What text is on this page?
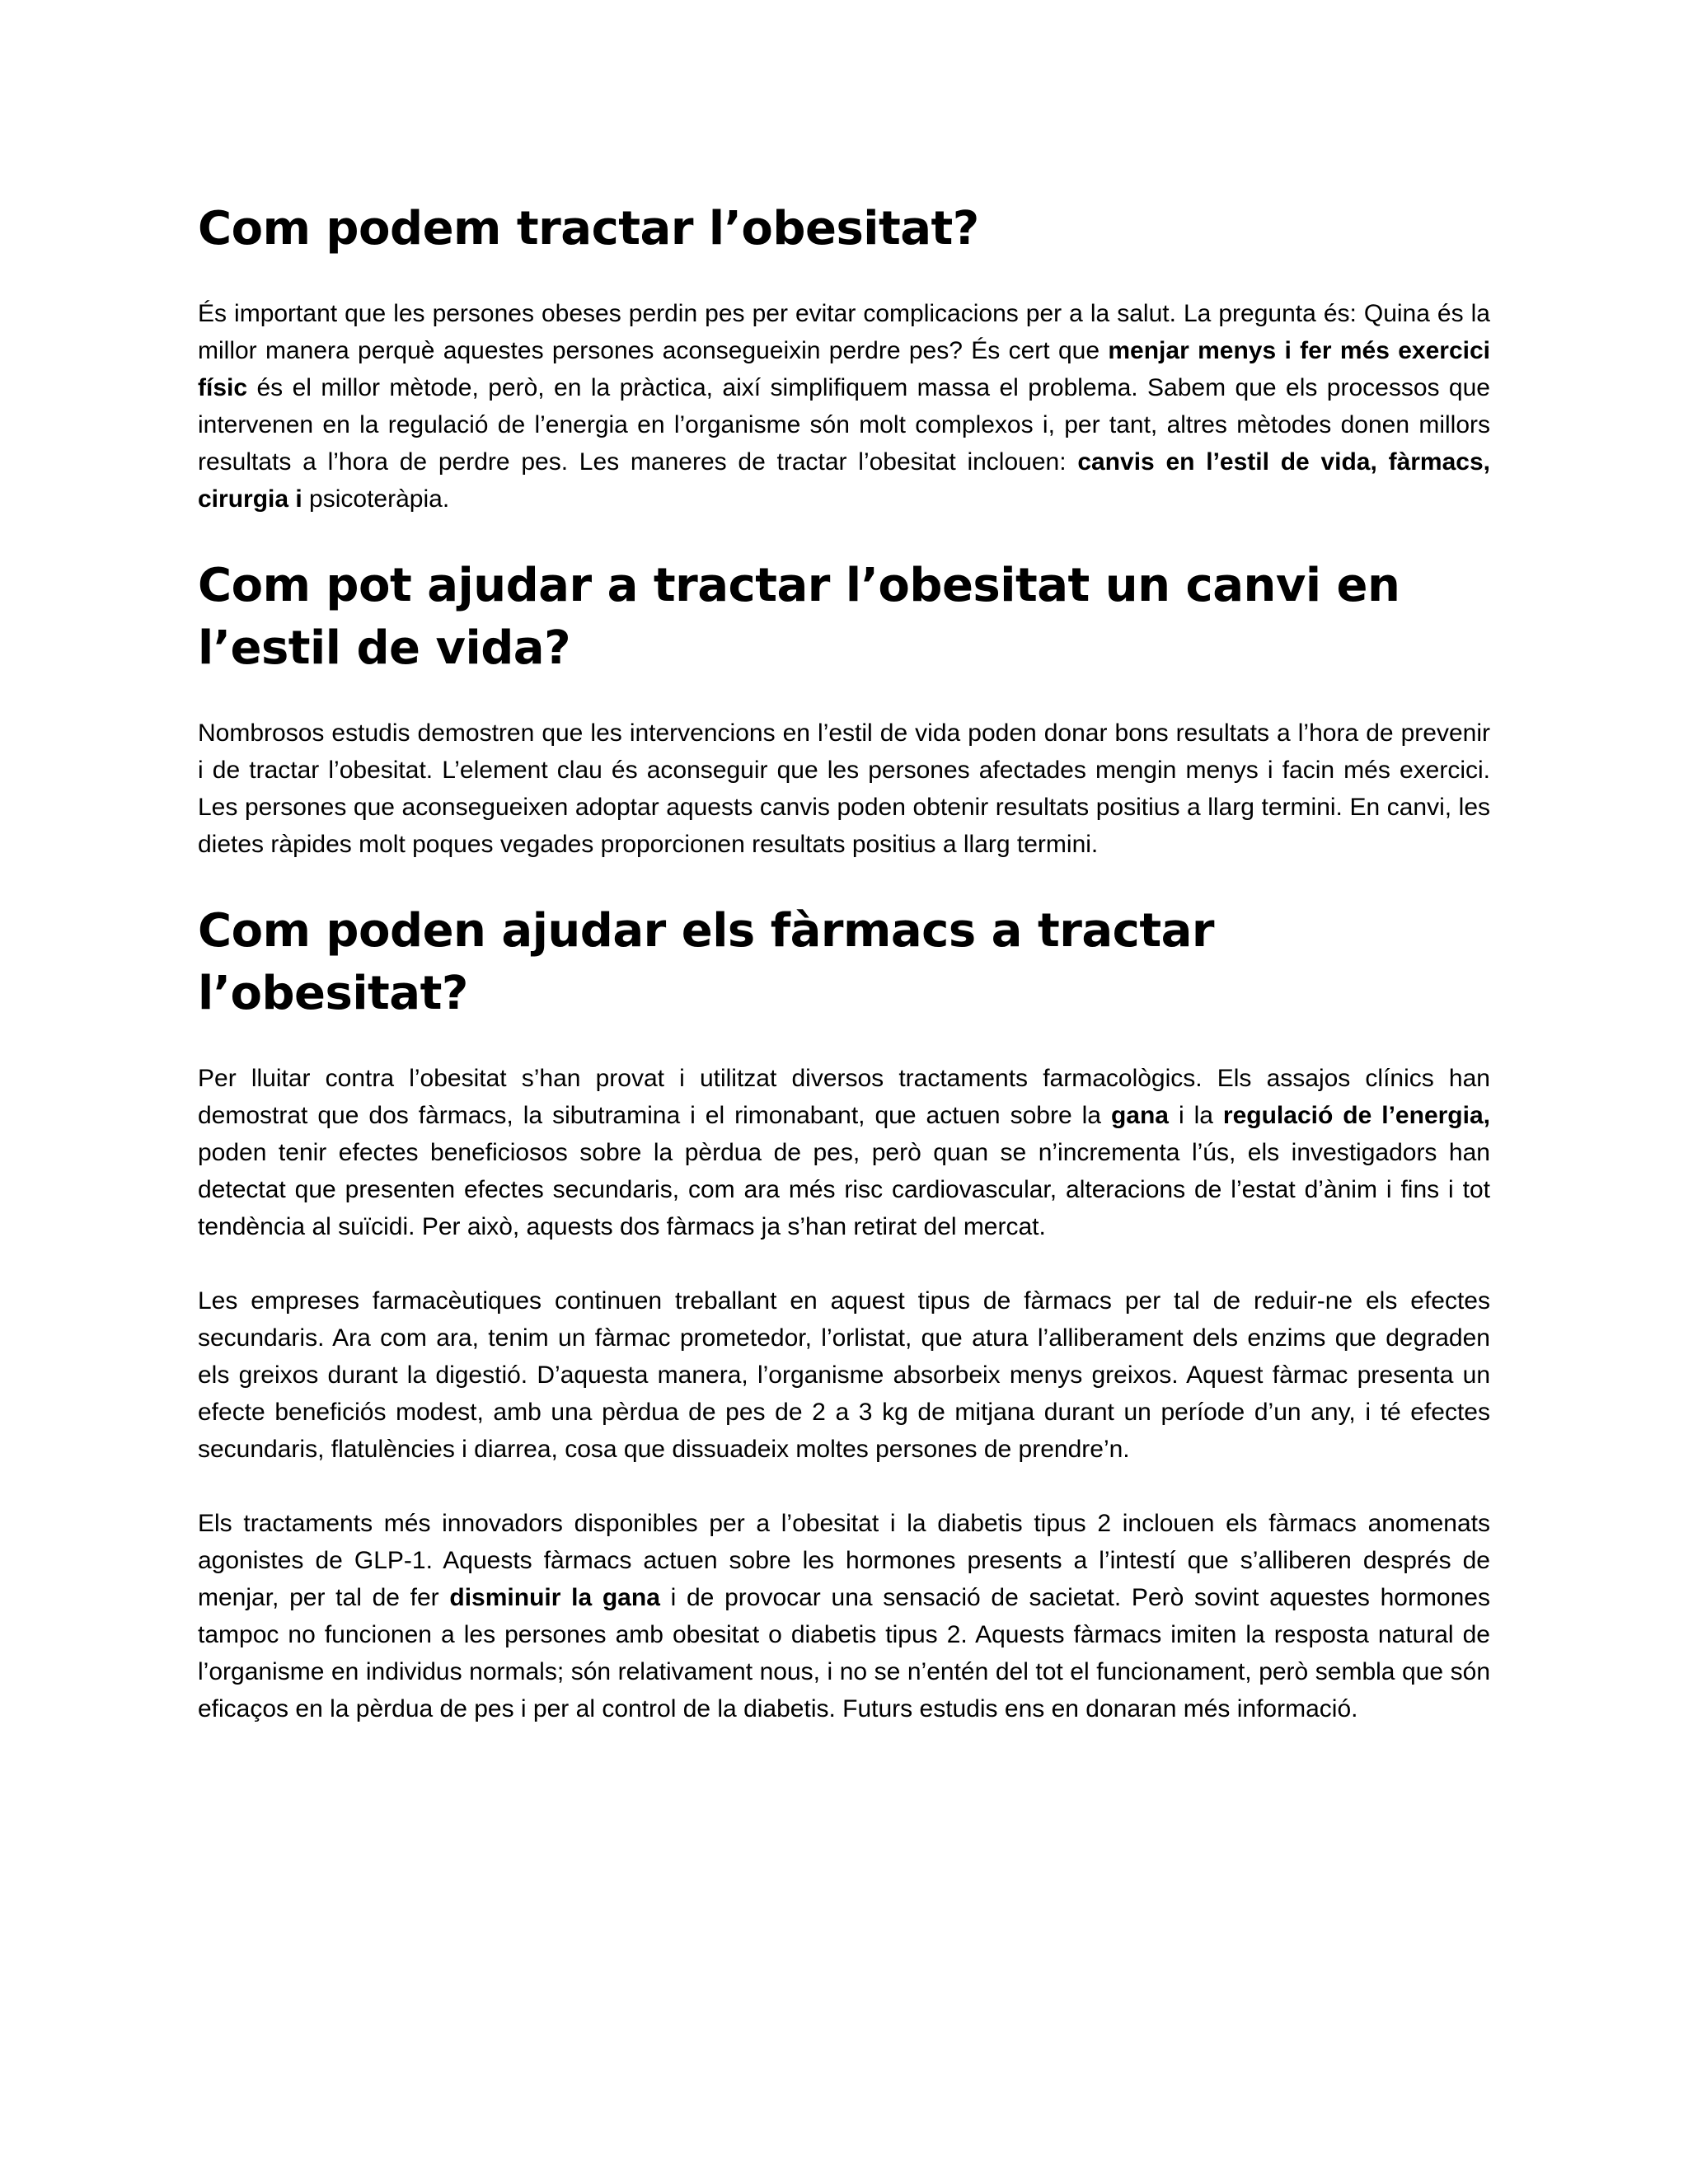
Com podem tractar l’obesitat?

És important que les persones obeses perdin pes per evitar complicacions per a la salut. La pregunta és: Quina és la millor manera perquè aquestes persones aconsegueixin perdre pes? És cert que menjar menys i fer més exercici físic és el millor mètode, però, en la pràctica, així simplifiquem massa el problema. Sabem que els processos que intervenen en la regulació de l’energia en l’organisme són molt complexos i, per tant, altres mètodes donen millors resultats a l’hora de perdre pes. Les maneres de tractar l’obesitat inclouen: canvis en l’estil de vida, fàrmacs, cirurgia i psicoteràpia.

Com pot ajudar a tractar l’obesitat un canvi en l’estil de vida?

Nombrosos estudis demostren que les intervencions en l’estil de vida poden donar bons resultats a l’hora de prevenir i de tractar l’obesitat. L’element clau és aconseguir que les persones afectades mengin menys i facin més exercici. Les persones que aconsegueixen adoptar aquests canvis poden obtenir resultats positius a llarg termini. En canvi, les dietes ràpides molt poques vegades proporcionen resultats positius a llarg termini.

Com poden ajudar els fàrmacs a tractar l’obesitat?

Per lluitar contra l’obesitat s’han provat i utilitzat diversos tractaments farmacològics. Els assajos clínics han demostrat que dos fàrmacs, la sibutramina i el rimonabant, que actuen sobre la gana i la regulació de l’energia, poden tenir efectes beneficiosos sobre la pèrdua de pes, però quan se n’incrementa l’ús, els investigadors han detectat que presenten efectes secundaris, com ara més risc cardiovascular, alteracions de l’estat d’ànim i fins i tot tendència al suïcidi. Per això, aquests dos fàrmacs ja s’han retirat del mercat.

Les empreses farmacèutiques continuen treballant en aquest tipus de fàrmacs per tal de reduir-ne els efectes secundaris. Ara com ara, tenim un fàrmac prometedor, l’orlistat, que atura l’alliberament dels enzims que degraden els greixos durant la digestió. D’aquesta manera, l’organisme absorbeix menys greixos. Aquest fàrmac presenta un efecte beneficiós modest, amb una pèrdua de pes de 2 a 3 kg de mitjana durant un període d’un any, i té efectes secundaris, flatulències i diarrea, cosa que dissuadeix moltes persones de prendre’n.

Els tractaments més innovadors disponibles per a l’obesitat i la diabetis tipus 2 inclouen els fàrmacs anomenats agonistes de GLP-1. Aquests fàrmacs actuen sobre les hormones presents a l’intestí que s’alliberen després de menjar, per tal de fer disminuir la gana i de provocar una sensació de sacietat. Però sovint aquestes hormones tampoc no funcionen a les persones amb obesitat o diabetis tipus 2. Aquests fàrmacs imiten la resposta natural de l’organisme en individus normals; són relativament nous, i no se n’entén del tot el funcionament, però sembla que són eficaços en la pèrdua de pes i per al control de la diabetis. Futurs estudis ens en donaran més informació.
